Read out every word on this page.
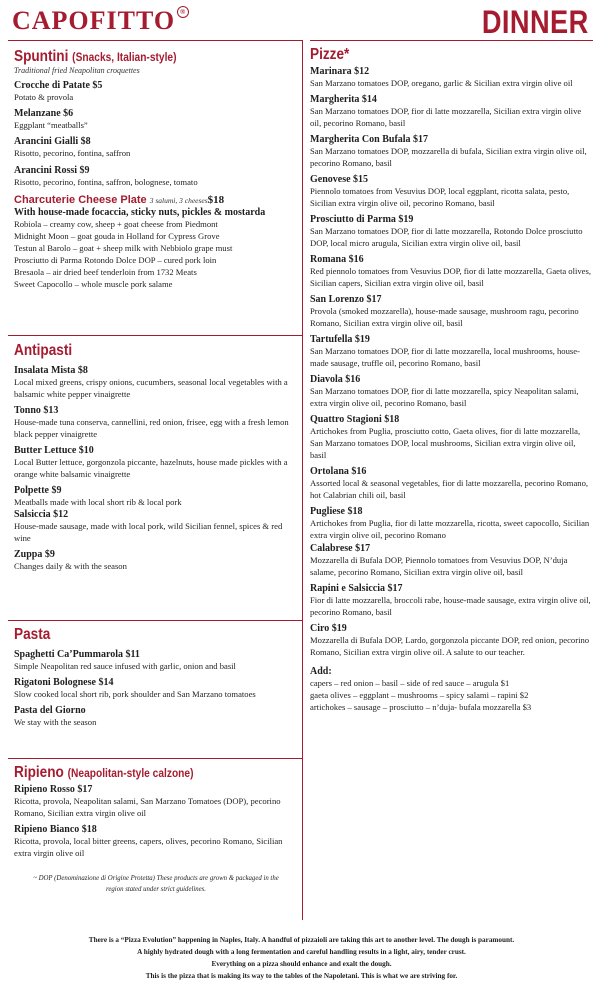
CAPOFITTO ®	DINNER
Spuntini (Snacks, Italian-style)
Traditional fried Neapolitan croquettes
Crocche di Patate $5
Potato & provola
Melanzane $6
Eggplant “meatballs”
Arancini Gialli $8
Risotto, pecorino, fontina, saffron
Arancini Rossi $9
Risotto, pecorino, fontina, saffron, bolognese, tomato
Charcuterie Cheese Plate 3 salumi, 3 cheeses$18
With house-made focaccia, sticky nuts, pickles & mostarda
Robiola – creamy cow, sheep + goat cheese from Piedmont
Midnight Moon – goat gouda in Holland for Cypress Grove
Testun al Barolo – goat + sheep milk with Nebbiolo grape must
Prosciutto di Parma Rotondo Dolce DOP – cured pork loin
Bresaola – air dried beef tenderloin from 1732 Meats
Sweet Capocollo – whole muscle pork salame
Antipasti
Insalata Mista $8
Local mixed greens, crispy onions, cucumbers, seasonal local vegetables with a balsamic white pepper vinaigrette
Tonno $13
House-made tuna conserva, cannellini, red onion, frisee, egg with a fresh lemon black pepper vinaigrette
Butter Lettuce $10
Local Butter lettuce, gorgonzola piccante, hazelnuts, house made pickles with a orange white balsamic vinaigrette
Polpette $9
Meatballs made with local short rib & local pork
Salsiccia $12
House-made sausage, made with local pork, wild Sicilian fennel, spices & red wine
Zuppa $9
Changes daily & with the season
Pasta
Spaghetti Ca’Pummarola $11
Simple Neapolitan red sauce infused with garlic, onion and basil
Rigatoni Bolognese $14
Slow cooked local short rib, pork shoulder and San Marzano tomatoes
Pasta del Giorno
We stay with the season
Ripieno (Neapolitan-style calzone)
Ripieno Rosso $17
Ricotta, provola, Neapolitan salami, San Marzano Tomatoes (DOP), pecorino Romano, Sicilian extra virgin olive oil
Ripieno Bianco $18
Ricotta, provola, local bitter greens, capers, olives, pecorino Romano, Sicilian extra virgin olive oil
~ DOP (Denominazione di Origine Protetta) These products are grown & packaged in the region stated under strict guidelines.
Pizze*
Marinara $12
San Marzano tomatoes DOP, oregano, garlic & Sicilian extra virgin olive oil
Margherita $14
San Marzano tomatoes DOP, fior di latte mozzarella, Sicilian extra virgin olive oil, pecorino Romano, basil
Margherita Con Bufala $17
San Marzano tomatoes DOP, mozzarella di bufala, Sicilian extra virgin olive oil, pecorino Romano, basil
Genovese $15
Piennolo tomatoes from Vesuvius DOP, local eggplant, ricotta salata, pesto, Sicilian extra virgin olive oil, pecorino Romano, basil
Prosciutto di Parma $19
San Marzano tomatoes DOP, fior di latte mozzarella, Rotondo Dolce prosciutto DOP, local micro arugula, Sicilian extra virgin olive oil, basil
Romana $16
Red piennolo tomatoes from Vesuvius DOP, fior di latte mozzarella, Gaeta olives, Sicilian capers, Sicilian extra virgin olive oil, basil
San Lorenzo $17
Provola (smoked mozzarella), house-made sausage, mushroom ragu, pecorino Romano, Sicilian extra virgin olive oil, basil
Tartufella $19
San Marzano tomatoes DOP, fior di latte mozzarella, local mushrooms, house-made sausage, truffle oil, pecorino Romano, basil
Diavola $16
San Marzano tomatoes DOP, fior di latte mozzarella, spicy Neapolitan salami, extra virgin olive oil, pecorino Romano, basil
Quattro Stagioni $18
Artichokes from Puglia, prosciutto cotto, Gaeta olives, fior di latte mozzarella, San Marzano tomatoes DOP, local mushrooms, Sicilian extra virgin olive oil, basil
Ortolana $16
Assorted local & seasonal vegetables, fior di latte mozzarella, pecorino Romano, hot Calabrian chili oil, basil
Pugliese $18
Artichokes from Puglia, fior di latte mozzarella, ricotta, sweet capocollo, Sicilian extra virgin olive oil, pecorino Romano
Calabrese $17
Mozzarella di Bufala DOP, Piennolo tomatoes from Vesuvius DOP, N’duja salame, pecorino Romano, Sicilian extra virgin olive oil, basil
Rapini e Salsiccia $17
Fior di latte mozzarella, broccoli rabe, house-made sausage, extra virgin olive oil, pecorino Romano, basil
Ciro $19
Mozzarella di Bufala DOP, Lardo, gorgonzola piccante DOP, red onion, pecorino Romano, Sicilian extra virgin olive oil. A salute to our teacher.
Add:
capers – red onion – basil – side of red sauce – arugula $1
gaeta olives – eggplant – mushrooms – spicy salami – rapini $2
artichokes – sausage – prosciutto – n’duja- bufala mozzarella $3
There is a “Pizza Evolution” happening in Naples, Italy. A handful of pizzaioli are taking this art to another level. The dough is paramount.
A highly hydrated dough with a long fermentation and careful handling results in a light, airy, tender crust.
Everything on a pizza should enhance and exalt the dough.
This is the pizza that is making its way to the tables of the Napoletani. This is what we are striving for.
